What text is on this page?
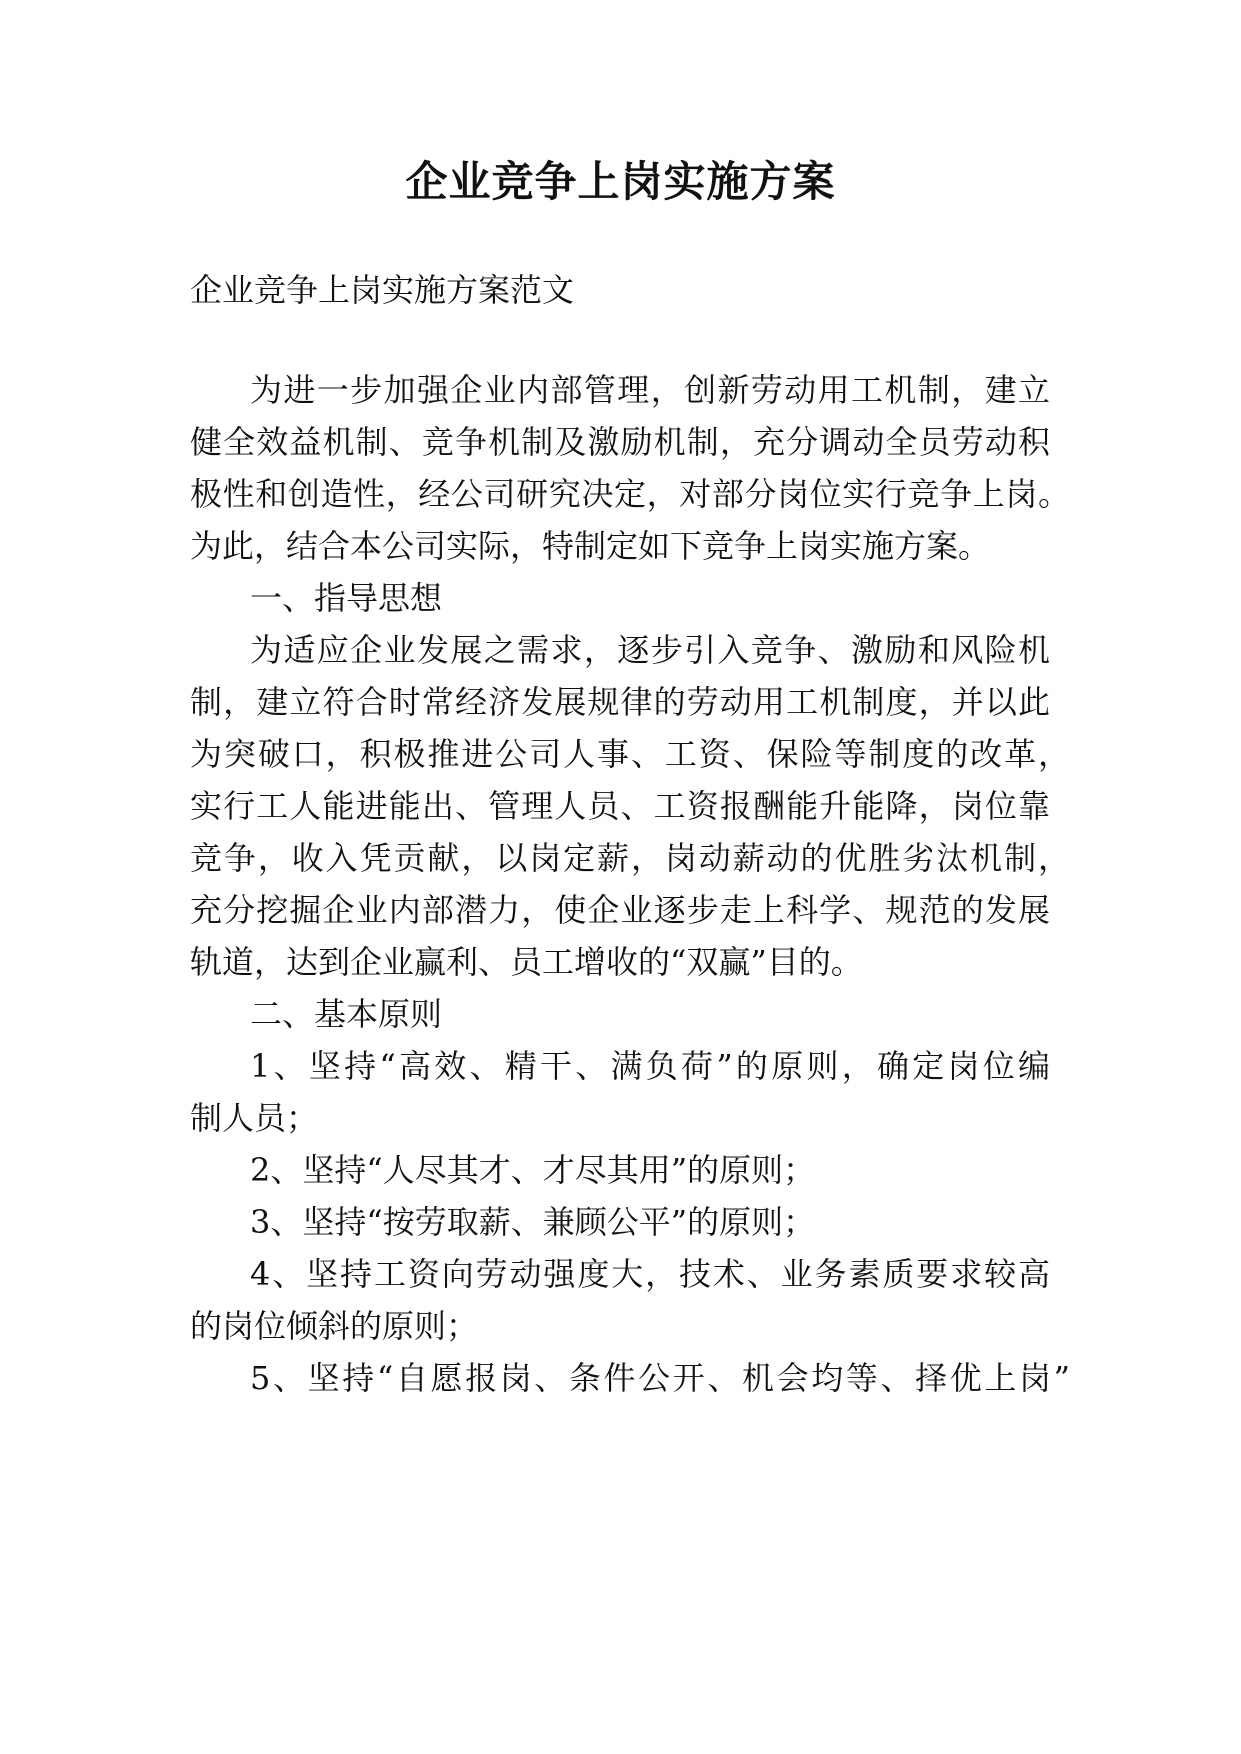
企业竞争上岗实施方案

企业竞争上岗实施方案范文

为进一步加强企业内部管理，创新劳动用工机制，建立

健全效益机制、竞争机制及激励机制，充分调动全员劳动积

极性和创造性，经公司研究决定，对部分岗位实行竞争上岗。

为此，结合本公司实际，特制定如下竞争上岗实施方案。

一、指导思想

为适应企业发展之需求，逐步引入竞争、激励和风险机

制，建立符合时常经济发展规律的劳动用工机制度，并以此

为突破口，积极推进公司人事、工资、保险等制度的改革，

实行工人能进能出、管理人员、工资报酬能升能降，岗位靠

竞争，收入凭贡献，以岗定薪，岗动薪动的优胜劣汰机制，

充分挖掘企业内部潜力，使企业逐步走上科学、规范的发展

轨道，达到企业赢利、员工增收的“双赢”目的。

二、基本原则

1、坚持“高效、精干、满负荷”的原则，确定岗位编

制人员；

2、坚持“人尽其才、才尽其用”的原则；

3、坚持“按劳取薪、兼顾公平”的原则；

4、坚持工资向劳动强度大，技术、业务素质要求较高

的岗位倾斜的原则；

5、坚持“自愿报岗、条件公开、机会均等、择优上岗”
